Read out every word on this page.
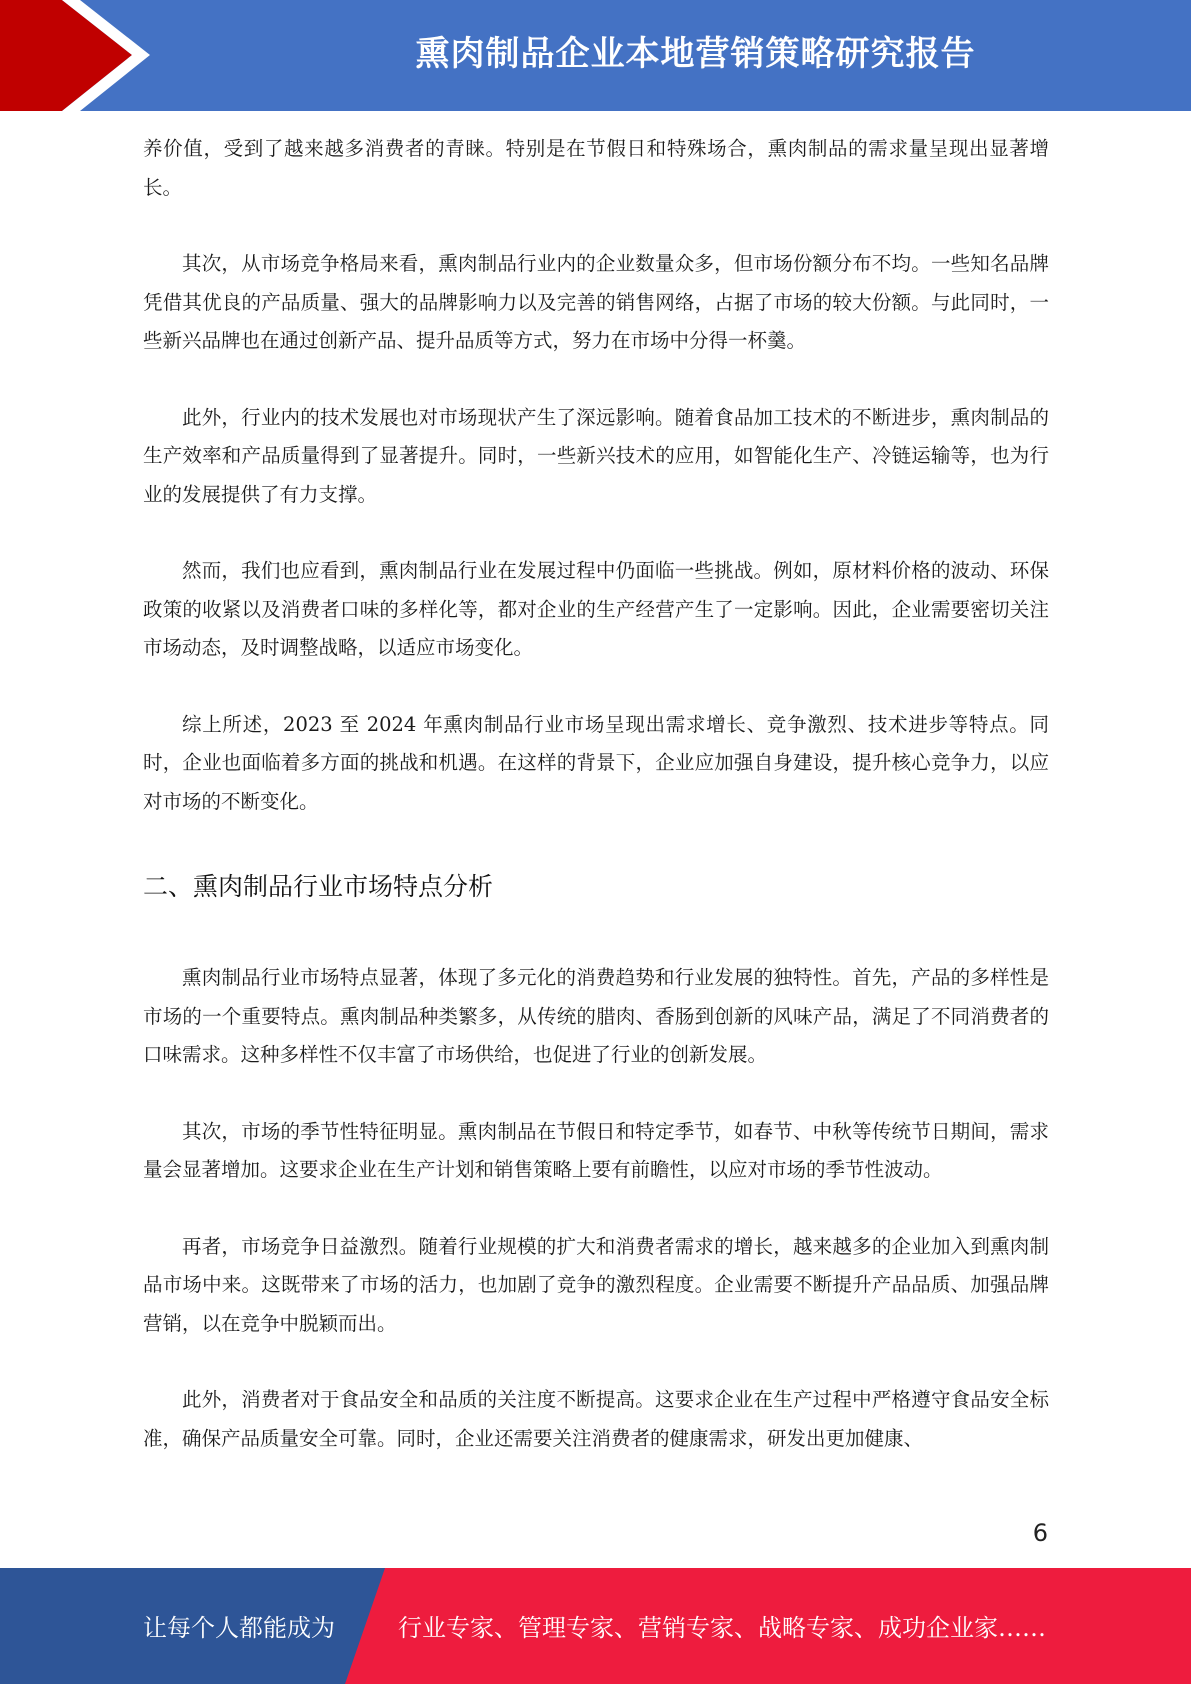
熏肉制品企业本地营销策略研究报告

养价值，受到了越来越多消费者的青睐。特别是在节假日和特殊场合，熏肉制品的需求量呈现出显著增长。

其次，从市场竞争格局来看，熏肉制品行业内的企业数量众多，但市场份额分布不均。一些知名品牌凭借其优良的产品质量、强大的品牌影响力以及完善的销售网络，占据了市场的较大份额。与此同时，一些新兴品牌也在通过创新产品、提升品质等方式，努力在市场中分得一杯羹。

此外，行业内的技术发展也对市场现状产生了深远影响。随着食品加工技术的不断进步，熏肉制品的生产效率和产品质量得到了显著提升。同时，一些新兴技术的应用，如智能化生产、冷链运输等，也为行业的发展提供了有力支撑。

然而，我们也应看到，熏肉制品行业在发展过程中仍面临一些挑战。例如，原材料价格的波动、环保政策的收紧以及消费者口味的多样化等，都对企业的生产经营产生了一定影响。因此，企业需要密切关注市场动态，及时调整战略，以适应市场变化。

综上所述，2023 至 2024 年熏肉制品行业市场呈现出需求增长、竞争激烈、技术进步等特点。同时，企业也面临着多方面的挑战和机遇。在这样的背景下，企业应加强自身建设，提升核心竞争力，以应对市场的不断变化。

二、熏肉制品行业市场特点分析

熏肉制品行业市场特点显著，体现了多元化的消费趋势和行业发展的独特性。首先，产品的多样性是市场的一个重要特点。熏肉制品种类繁多，从传统的腊肉、香肠到创新的风味产品，满足了不同消费者的口味需求。这种多样性不仅丰富了市场供给，也促进了行业的创新发展。

其次，市场的季节性特征明显。熏肉制品在节假日和特定季节，如春节、中秋等传统节日期间，需求量会显著增加。这要求企业在生产计划和销售策略上要有前瞻性，以应对市场的季节性波动。

再者，市场竞争日益激烈。随着行业规模的扩大和消费者需求的增长，越来越多的企业加入到熏肉制品市场中来。这既带来了市场的活力，也加剧了竞争的激烈程度。企业需要不断提升产品品质、加强品牌营销，以在竞争中脱颖而出。

此外，消费者对于食品安全和品质的关注度不断提高。这要求企业在生产过程中严格遵守食品安全标准，确保产品质量安全可靠。同时，企业还需要关注消费者的健康需求，研发出更加健康、

6
让每个人都能成为	行业专家、管理专家、营销专家、战略专家、成功企业家……
